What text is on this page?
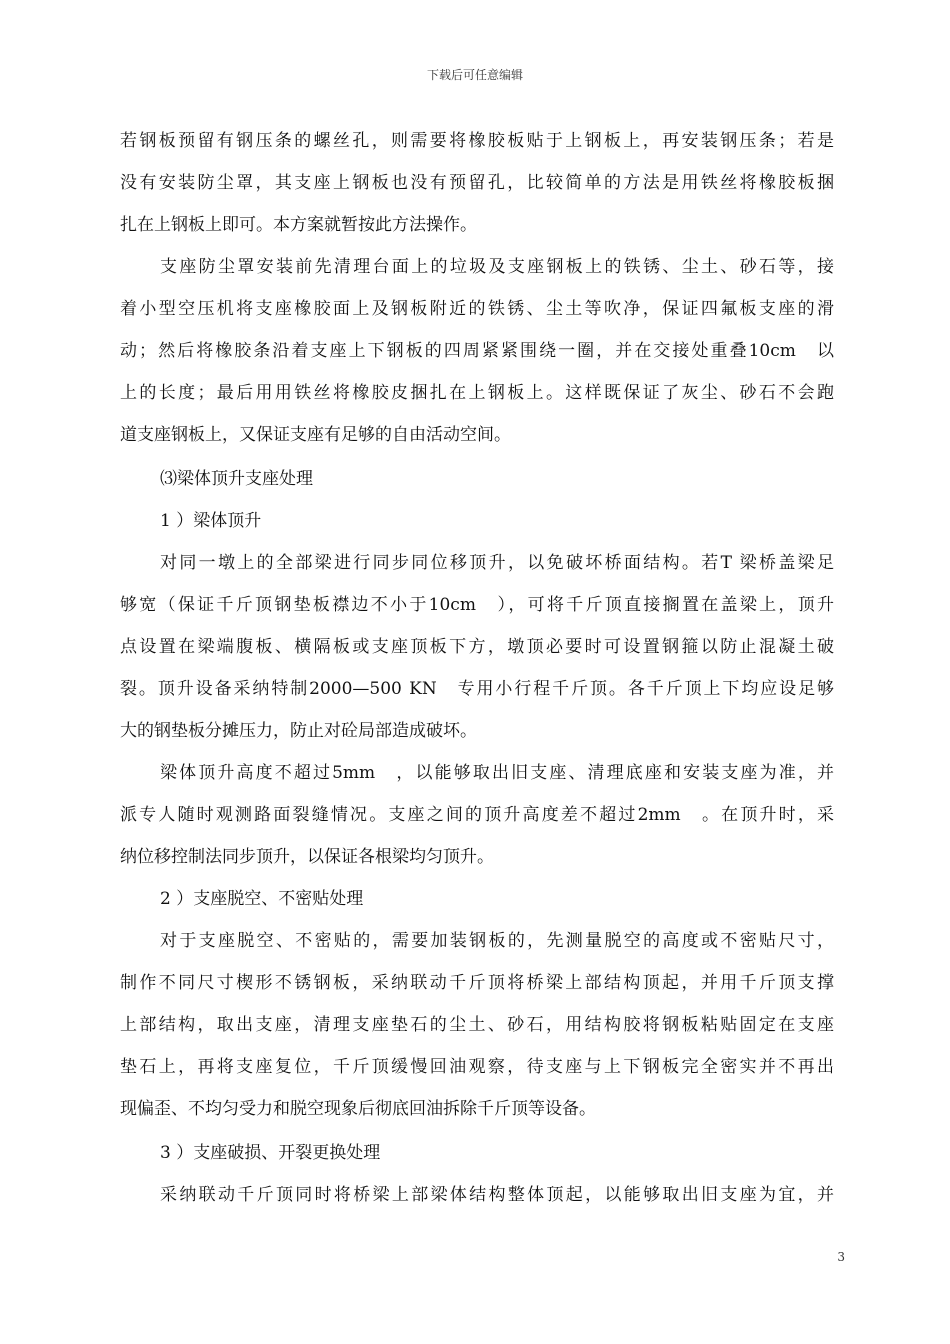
下载后可任意编辑
若钢板预留有钢压条的螺丝孔，则需要将橡胶板贴于上钢板上，再安装钢压条；若是
没有安装防尘罩，其支座上钢板也没有预留孔，比较简单的方法是用铁丝将橡胶板捆
扎在上钢板上即可。本方案就暂按此方法操作。
支座防尘罩安装前先清理台面上的垃圾及支座钢板上的铁锈、尘土、砂石等，接
着小型空压机将支座橡胶面上及钢板附近的铁锈、尘土等吹净，保证四氟板支座的滑
动；然后将橡胶条沿着支座上下钢板的四周紧紧围绕一圈，并在交接处重叠10cm　以
上的长度；最后用用铁丝将橡胶皮捆扎在上钢板上。这样既保证了灰尘、砂石不会跑
道支座钢板上，又保证支座有足够的自由活动空间。
⑶梁体顶升支座处理
1 ）梁体顶升
对同一墩上的全部梁进行同步同位移顶升，以免破坏桥面结构。若T 梁桥盖梁足
够宽（保证千斤顶钢垫板襟边不小于10cm　），可将千斤顶直接搁置在盖梁上，顶升
点设置在梁端腹板、横隔板或支座顶板下方，墩顶必要时可设置钢箍以防止混凝土破
裂。顶升设备采纳特制2000—500 KN　专用小行程千斤顶。各千斤顶上下均应设足够
大的钢垫板分摊压力，防止对砼局部造成破坏。
梁体顶升高度不超过5mm　，以能够取出旧支座、清理底座和安装支座为准，并
派专人随时观测路面裂缝情况。支座之间的顶升高度差不超过2mm　。在顶升时，采
纳位移控制法同步顶升，以保证各根梁均匀顶升。
2 ）支座脱空、不密贴处理
对于支座脱空、不密贴的，需要加装钢板的，先测量脱空的高度或不密贴尺寸，
制作不同尺寸楔形不锈钢板，采纳联动千斤顶将桥梁上部结构顶起，并用千斤顶支撑
上部结构，取出支座，清理支座垫石的尘土、砂石，用结构胶将钢板粘贴固定在支座
垫石上，再将支座复位，千斤顶缓慢回油观察，待支座与上下钢板完全密实并不再出
现偏歪、不均匀受力和脱空现象后彻底回油拆除千斤顶等设备。
3 ）支座破损、开裂更换处理
采纳联动千斤顶同时将桥梁上部梁体结构整体顶起，以能够取出旧支座为宜，并
3
